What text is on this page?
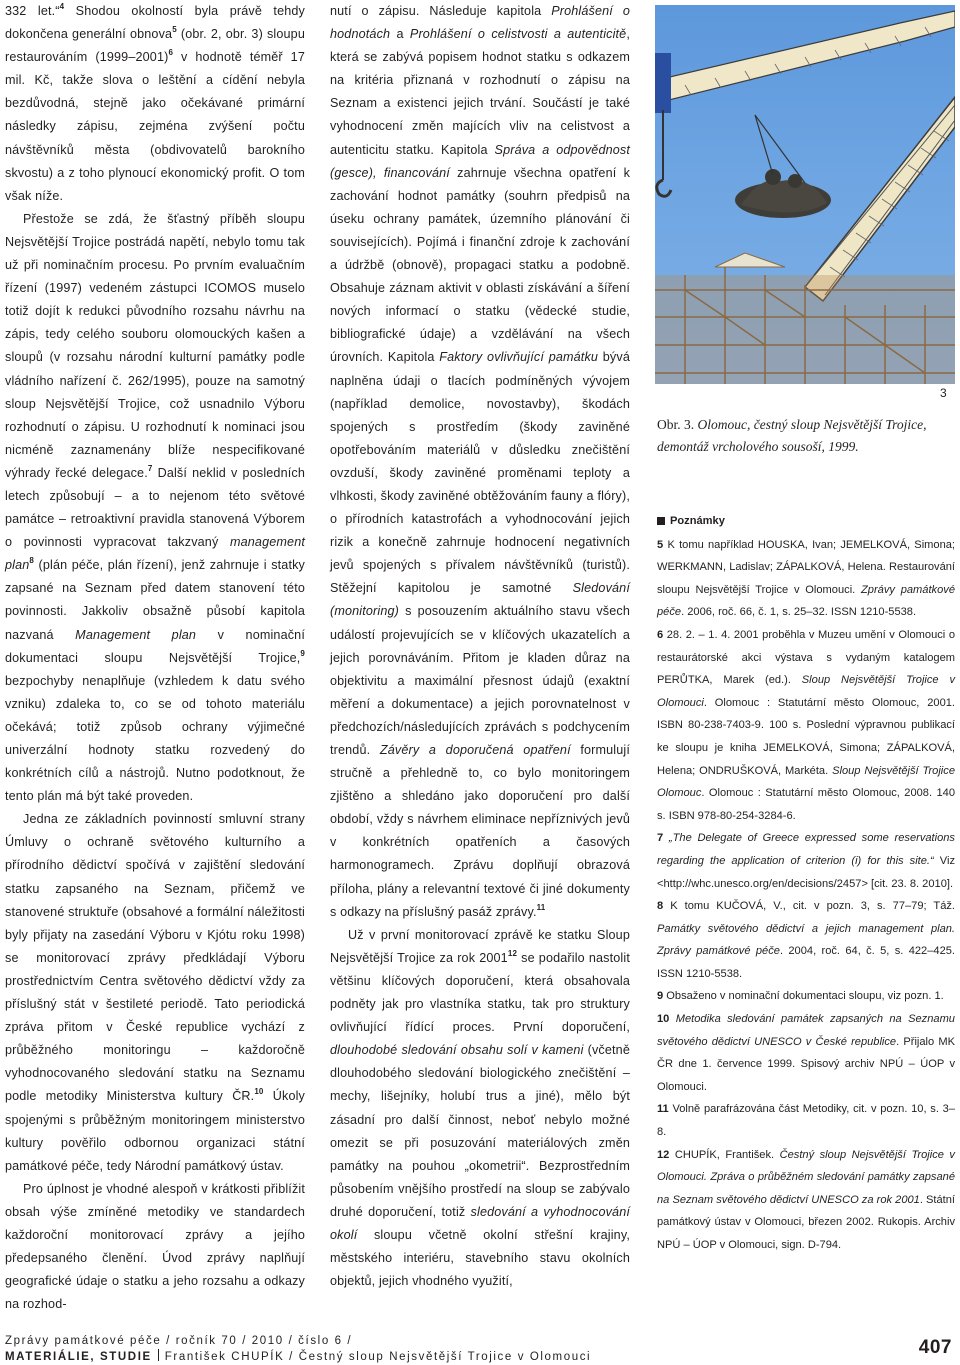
332 let.“$^4$ Shodou okolností byla právě tehdy dokončena generální obnova$^5$ (obr. 2, obr. 3) sloupu restaurováním (1999–2001)$^6$ v hodnotě téměř 17 mil. Kč, takže slova o leštění a cídění nebyla bezdůvodná, stejně jako očekávané primární následky zápisu, zejména zvýšení počtu návštěvníků města (obdivovatelů barokního skvostu) a z toho plynoucí ekonomický profit. O tom však níže.

Přestože se zdá, že šťastný příběh sloupu Nejsvětější Trojice postrádá napětí, nebylo tomu tak už při nominačním procesu. Po prvním evaluačním řízení (1997) vedeném zástupci ICOMOS muselo totiž dojít k redukci původního rozsahu návrhu na zápis, tedy celého souboru olomouckých kašen a sloupů (v rozsahu národní kulturní památky podle vládního nařízení č. 262/1995), pouze na samotný sloup Nejsvětější Trojice, což usnadnilo Výboru rozhodnutí o zápisu. U rozhodnutí k nominaci jsou nicméně zaznamenány blíže nespecifikované výhrady řecké delegace.$^7$ Další neklid v posledních letech způsobují – a to nejenom této světové památce – retroaktivní pravidla stanovená Výborem o povinnosti vypracovat takzvaný management plan$^8$ (plán péče, plán řízení), jenž zahrnuje i statky zapsané na Seznam před datem stanovení této povinnosti. Jakkoliv obsažně působí kapitola nazvaná Management plan v nominační dokumentaci sloupu Nejsvětější Trojice,$^9$ bezpochyby nenaplňuje (vzhledem k datu svého vzniku) zdaleka to, co se od tohoto materiálu očekává; totiž způsob ochrany výjimečné univerzální hodnoty statku rozvedený do konkrétních cílů a nástrojů. Nutno podotknout, že tento plán má být také proveden.

Jedna ze základních povinností smluvní strany Úmluvy o ochraně světového kulturního a přírodního dědictví spočívá v zajištění sledování statku zapsaného na Seznam, přičemž ve stanovené struktuře (obsahové a formální náležitosti byly přijaty na zasedání Výboru v Kjótu roku 1998) se monitorovací zprávy předkládají Výboru prostřednictvím Centra světového dědictví vždy za příslušný stát v šestileté periodě. Tato periodická zpráva přitom v České republice vychází z průběžného monitoringu – každoročně vyhodnocovaného sledování statku na Seznamu podle metodiky Ministerstva kultury ČR.$^{10}$ Úkoly spojenými s průběžným monitoringem ministerstvo kultury pověřilo odbornou organizaci státní památkové péče, tedy Národní památkový ústav.

Pro úplnost je vhodné alespoň v krátkosti přiblížit obsah výše zmíněné metodiky ve standardech každoroční monitorovací zprávy a jejího předepsaného členění. Úvod zprávy naplňují geografické údaje o statku a jeho rozsahu a odkazy na rozhod-

nutí o zápisu. Následuje kapitola Prohlášení o hodnotách a Prohlášení o celistvosti a autenticitě, která se zabývá popisem hodnot statku s odkazem na kritéria přiznaná v rozhodnutí o zápisu na Seznam a existenci jejich trvání. Součástí je také vyhodnocení změn majících vliv na celistvost a autenticitu statku. Kapitola Správa a odpovědnost (gesce), financování zahrnuje všechna opatření k zachování hodnot památky (souhrn předpisů na úseku ochrany památek, územního plánování či souvisejících). Pojímá i finanční zdroje k zachování a údržbě (obnově), propagaci statku a podobně. Obsahuje záznam aktivit v oblasti získávání a šíření nových informací o statku (vědecké studie, bibliografické údaje) a vzdělávání na všech úrovních. Kapitola Faktory ovlivňující památku bývá naplněna údaji o tlacích podmíněných vývojem (například demolice, novostavby), škodách spojených s prostředím (škody zaviněné opotřebováním materiálů v důsledku znečištění ovzduší, škody zaviněné proměnami teploty a vlhkosti, škody zaviněné obtěžováním fauny a flóry), o přírodních katastrofách a vyhodnocování jejich rizik a konečně zahrnuje hodnocení negativních jevů spojených s přívalem návštěvníků (turistů). Stěžejní kapitolou je samotné Sledování (monitoring) s posouzením aktuálního stavu všech událostí projevujících se v klíčových ukazatelích a jejich porovnáváním. Přitom je kladen důraz na objektivitu a maximální přesnost údajů (exaktní měření a dokumentace) a jejich porovnatelnost v předchozích/následujících zprávách s podchycením trendů. Závěry a doporučená opatření formulují stručně a přehledně to, co bylo monitoringem zjištěno a shledáno jako doporučení pro další období, vždy s návrhem eliminace nepříznivých jevů v konkrétních opatřeních a časových harmonogramech. Zprávu doplňují obrazová příloha, plány a relevantní textové či jiné dokumenty s odkazy na příslušný pasáž zprávy.$^{11}$

Už v první monitorovací zprávě ke statku Sloup Nejsvětější Trojice za rok 2001$^{12}$ se podařilo nastolit většinu klíčových doporučení, která obsahovala podněty jak pro vlastníka statku, tak pro struktury ovlivňující řídící proces. První doporučení, dlouhodobé sledování obsahu solí v kameni (včetně dlouhodobého sledování biologického znečištění – mechy, lišejníky, holubí trus a jiné), mělo být zásadní pro další činnost, neboť nebylo možné omezit se při posuzování materiálových změn památky na pouhou „okometrii“. Bezprostředním působením vnějšího prostředí na sloup se zabývalo druhé doporučení, totiž sledování a vyhodnocování okolí sloupu včetně okolní střešní krajiny, městského interiéru, stavebního stavu okolních objektů, jejich vhodného využití,

3
Obr. 3. Olomouc, čestný sloup Nejsvětější Trojice, demontáž vrcholového sousoší, 1999.
Poznámky

5 K tomu například HOUSKA, Ivan; JEMELKOVÁ, Simona; WERKMANN, Ladislav; ZÁPALKOVÁ, Helena. Restaurování sloupu Nejsvětější Trojice v Olomouci. Zprávy památkové péče. 2006, roč. 66, č. 1, s. 25–32. ISSN 1210-5538.

6 28. 2. – 1. 4. 2001 proběhla v Muzeu umění v Olomouci o restaurátorské akci výstava s vydaným katalogem PERŮTKA, Marek (ed.). Sloup Nejsvětější Trojice v Olomouci. Olomouc : Statutární město Olomouc, 2001. ISBN 80-238-7403-9. 100 s. Poslední výpravnou publikací ke sloupu je kniha JEMELKOVÁ, Simona; ZÁPALKOVÁ, Helena; ONDRUŠKOVÁ, Markéta. Sloup Nejsvětější Trojice Olomouc. Olomouc : Statutární město Olomouc, 2008. 140 s. ISBN 978-80-254-3284-6.

7 „The Delegate of Greece expressed some reservations regarding the application of criterion (i) for this site.“ Viz <http://whc.unesco.org/en/decisions/2457> [cit. 23. 8. 2010].

8 K tomu KUČOVÁ, V., cit. v pozn. 3, s. 77–79; Táž. Památky světového dědictví a jejich management plan. Zprávy památkové péče. 2004, roč. 64, č. 5, s. 422–425. ISSN 1210-5538.

9 Obsaženo v nominační dokumentaci sloupu, viz pozn. 1.

10 Metodika sledování památek zapsaných na Seznamu světového dědictví UNESCO v České republice. Přijalo MK ČR dne 1. července 1999. Spisový archiv NPÚ – ÚOP v Olomouci.

11 Volně parafrázována část Metodiky, cit. v pozn. 10, s. 3–8.

12 CHUPÍK, František. Čestný sloup Nejsvětější Trojice v Olomouci. Zpráva o průběžném sledování památky zapsané na Seznam světového dědictví UNESCO za rok 2001. Státní památkový ústav v Olomouci, březen 2002. Rukopis. Archiv NPÚ – ÚOP v Olomouci, sign. D-794.

Zprávy památkové péče / ročník 70 / 2010 / číslo 6 /
MATERIÁLIE, STUDIE František CHUPÍK / Čestný sloup Nejsvětější Trojice v Olomouci	407
